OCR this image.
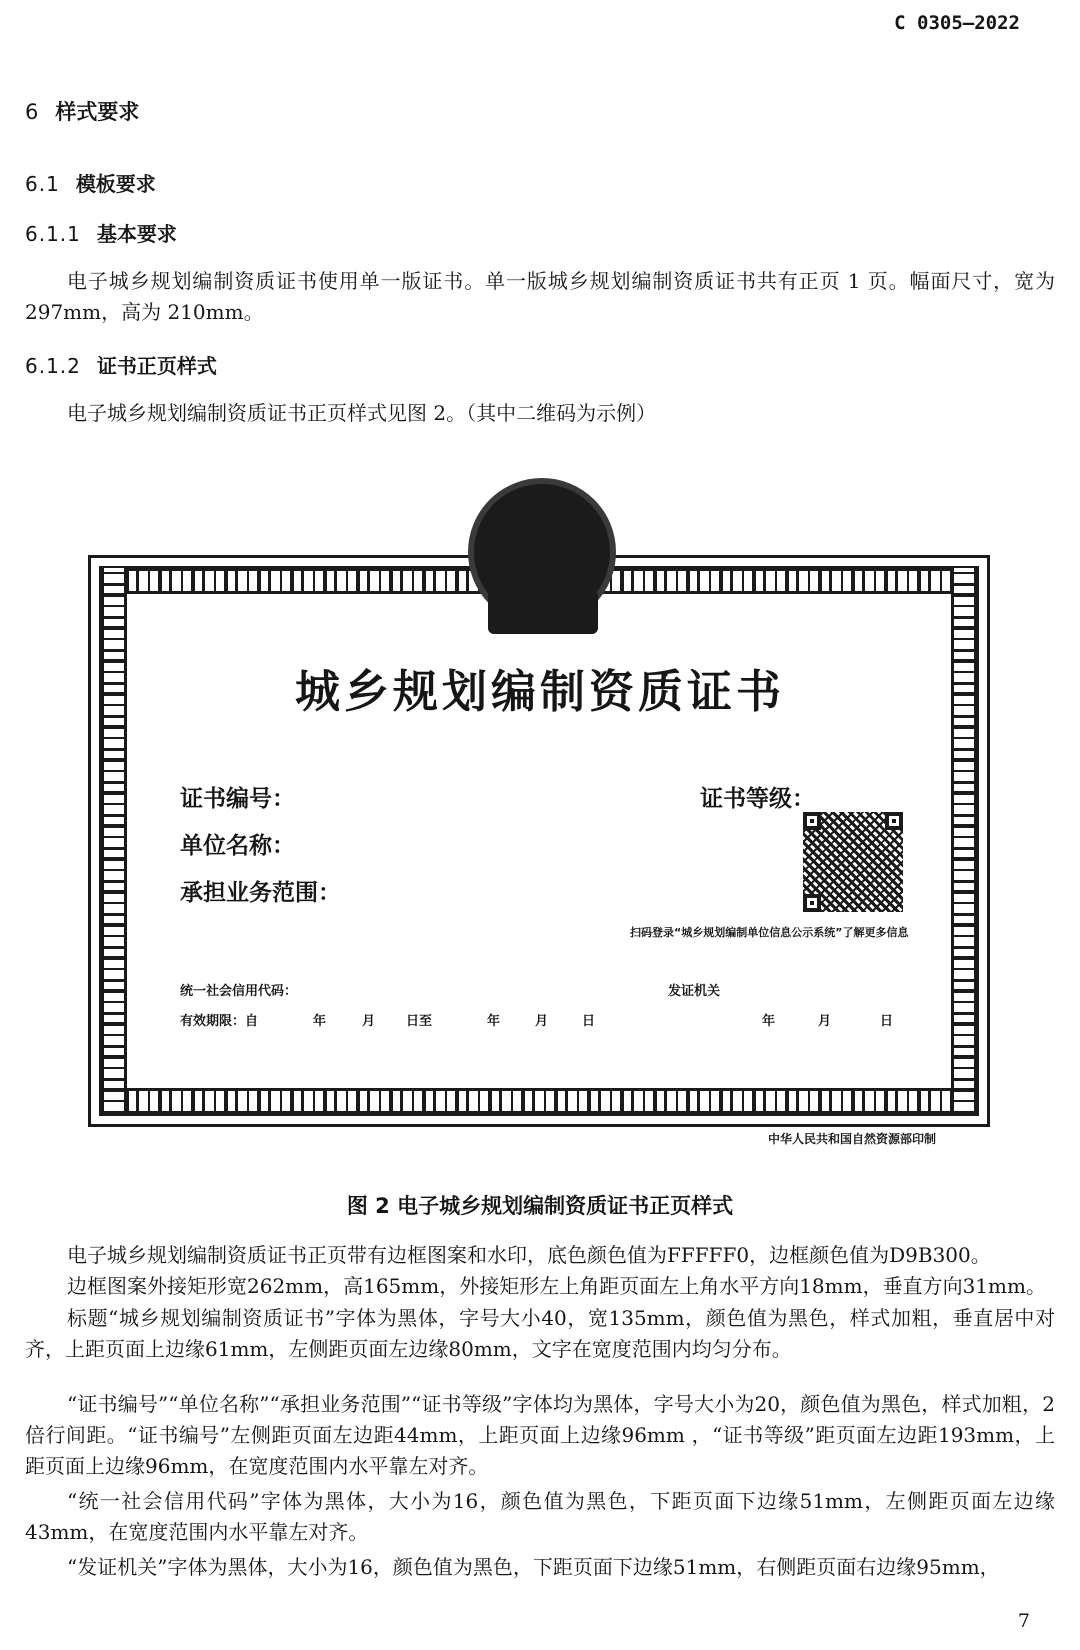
C 0305—2022
6 样式要求
6.1 模板要求
6.1.1 基本要求

电子城乡规划编制资质证书使用单一版证书。单一版城乡规划编制资质证书共有正页 1 页。幅面尺寸，宽为 297mm，高为 210mm。

6.1.2 证书正页样式

电子城乡规划编制资质证书正页样式见图 2。（其中二维码为示例）

城乡规划编制资质证书
证书编号：
单位名称：
承担业务范围：
证书等级：
扫码登录“城乡规划编制单位信息公示系统”了解更多信息
统一社会信用代码：	发证机关
有效期限：自	年	月 日至	年	月	日	年	月	日
中华人民共和国自然资源部印制
图 2 电子城乡规划编制资质证书正页样式

电子城乡规划编制资质证书正页带有边框图案和水印，底色颜色值为FFFFF0，边框颜色值为D9B300。

边框图案外接矩形宽262mm，高165mm，外接矩形左上角距页面左上角水平方向18mm，垂直方向31mm。

标题“城乡规划编制资质证书”字体为黑体，字号大小40，宽135mm，颜色值为黑色，样式加粗，垂直居中对齐，上距页面上边缘61mm，左侧距页面左边缘80mm，文字在宽度范围内均匀分布。

“证书编号”“单位名称”“承担业务范围”“证书等级”字体均为黑体，字号大小为20，颜色值为黑色，样式加粗，2倍行间距。“证书编号”左侧距页面左边距44mm，上距页面上边缘96mm ，“证书等级”距页面左边距193mm，上距页面上边缘96mm，在宽度范围内水平靠左对齐。

“统一社会信用代码”字体为黑体，大小为16，颜色值为黑色，下距页面下边缘51mm，左侧距页面左边缘43mm，在宽度范围内水平靠左对齐。

“发证机关”字体为黑体，大小为16，颜色值为黑色，下距页面下边缘51mm，右侧距页面右边缘95mm，

7
